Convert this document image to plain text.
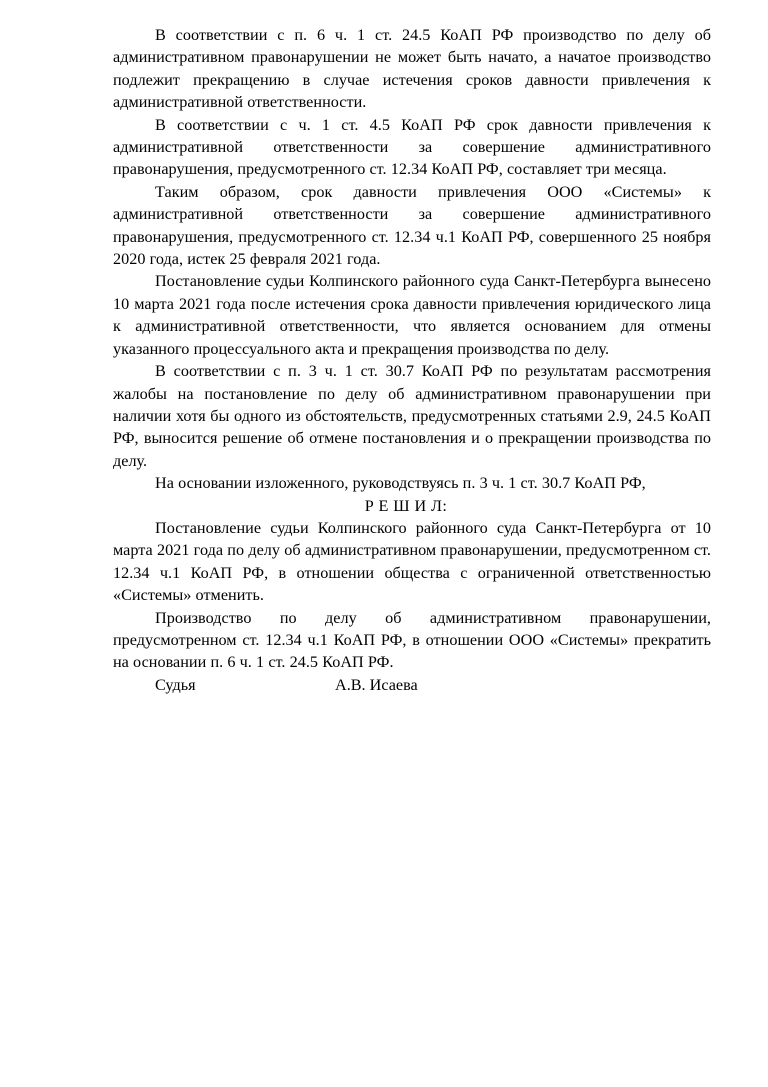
В соответствии с п. 6 ч. 1 ст. 24.5 КоАП РФ производство по делу об административном правонарушении не может быть начато, а начатое производство подлежит прекращению в случае истечения сроков давности привлечения к административной ответственности.

В соответствии с ч. 1 ст. 4.5 КоАП РФ срок давности привлечения к административной ответственности за совершение административного правонарушения, предусмотренного ст. 12.34 КоАП РФ, составляет три месяца.

Таким образом, срок давности привлечения ООО «Системы» к административной ответственности за совершение административного правонарушения, предусмотренного ст. 12.34 ч.1 КоАП РФ, совершенного 25 ноября 2020 года, истек 25 февраля 2021 года.

Постановление судьи Колпинского районного суда Санкт-Петербурга вынесено 10 марта 2021 года после истечения срока давности привлечения юридического лица к административной ответственности, что является основанием для отмены указанного процессуального акта и прекращения производства по делу.

В соответствии с п. 3 ч. 1 ст. 30.7 КоАП РФ по результатам рассмотрения жалобы на постановление по делу об административном правонарушении при наличии хотя бы одного из обстоятельств, предусмотренных статьями 2.9, 24.5 КоАП РФ, выносится решение об отмене постановления и о прекращении производства по делу.

На основании изложенного, руководствуясь п. 3 ч. 1 ст. 30.7 КоАП РФ,

Р Е Ш И Л:

Постановление судьи Колпинского районного суда Санкт-Петербурга от 10 марта 2021 года по делу об административном правонарушении, предусмотренном ст. 12.34 ч.1 КоАП РФ, в отношении общества с ограниченной ответственностью «Системы» отменить.

Производство по делу об административном правонарушении, предусмотренном ст. 12.34 ч.1 КоАП РФ, в отношении ООО «Системы» прекратить на основании п. 6 ч. 1 ст. 24.5 КоАП РФ.

Судья	А.В. Исаева
